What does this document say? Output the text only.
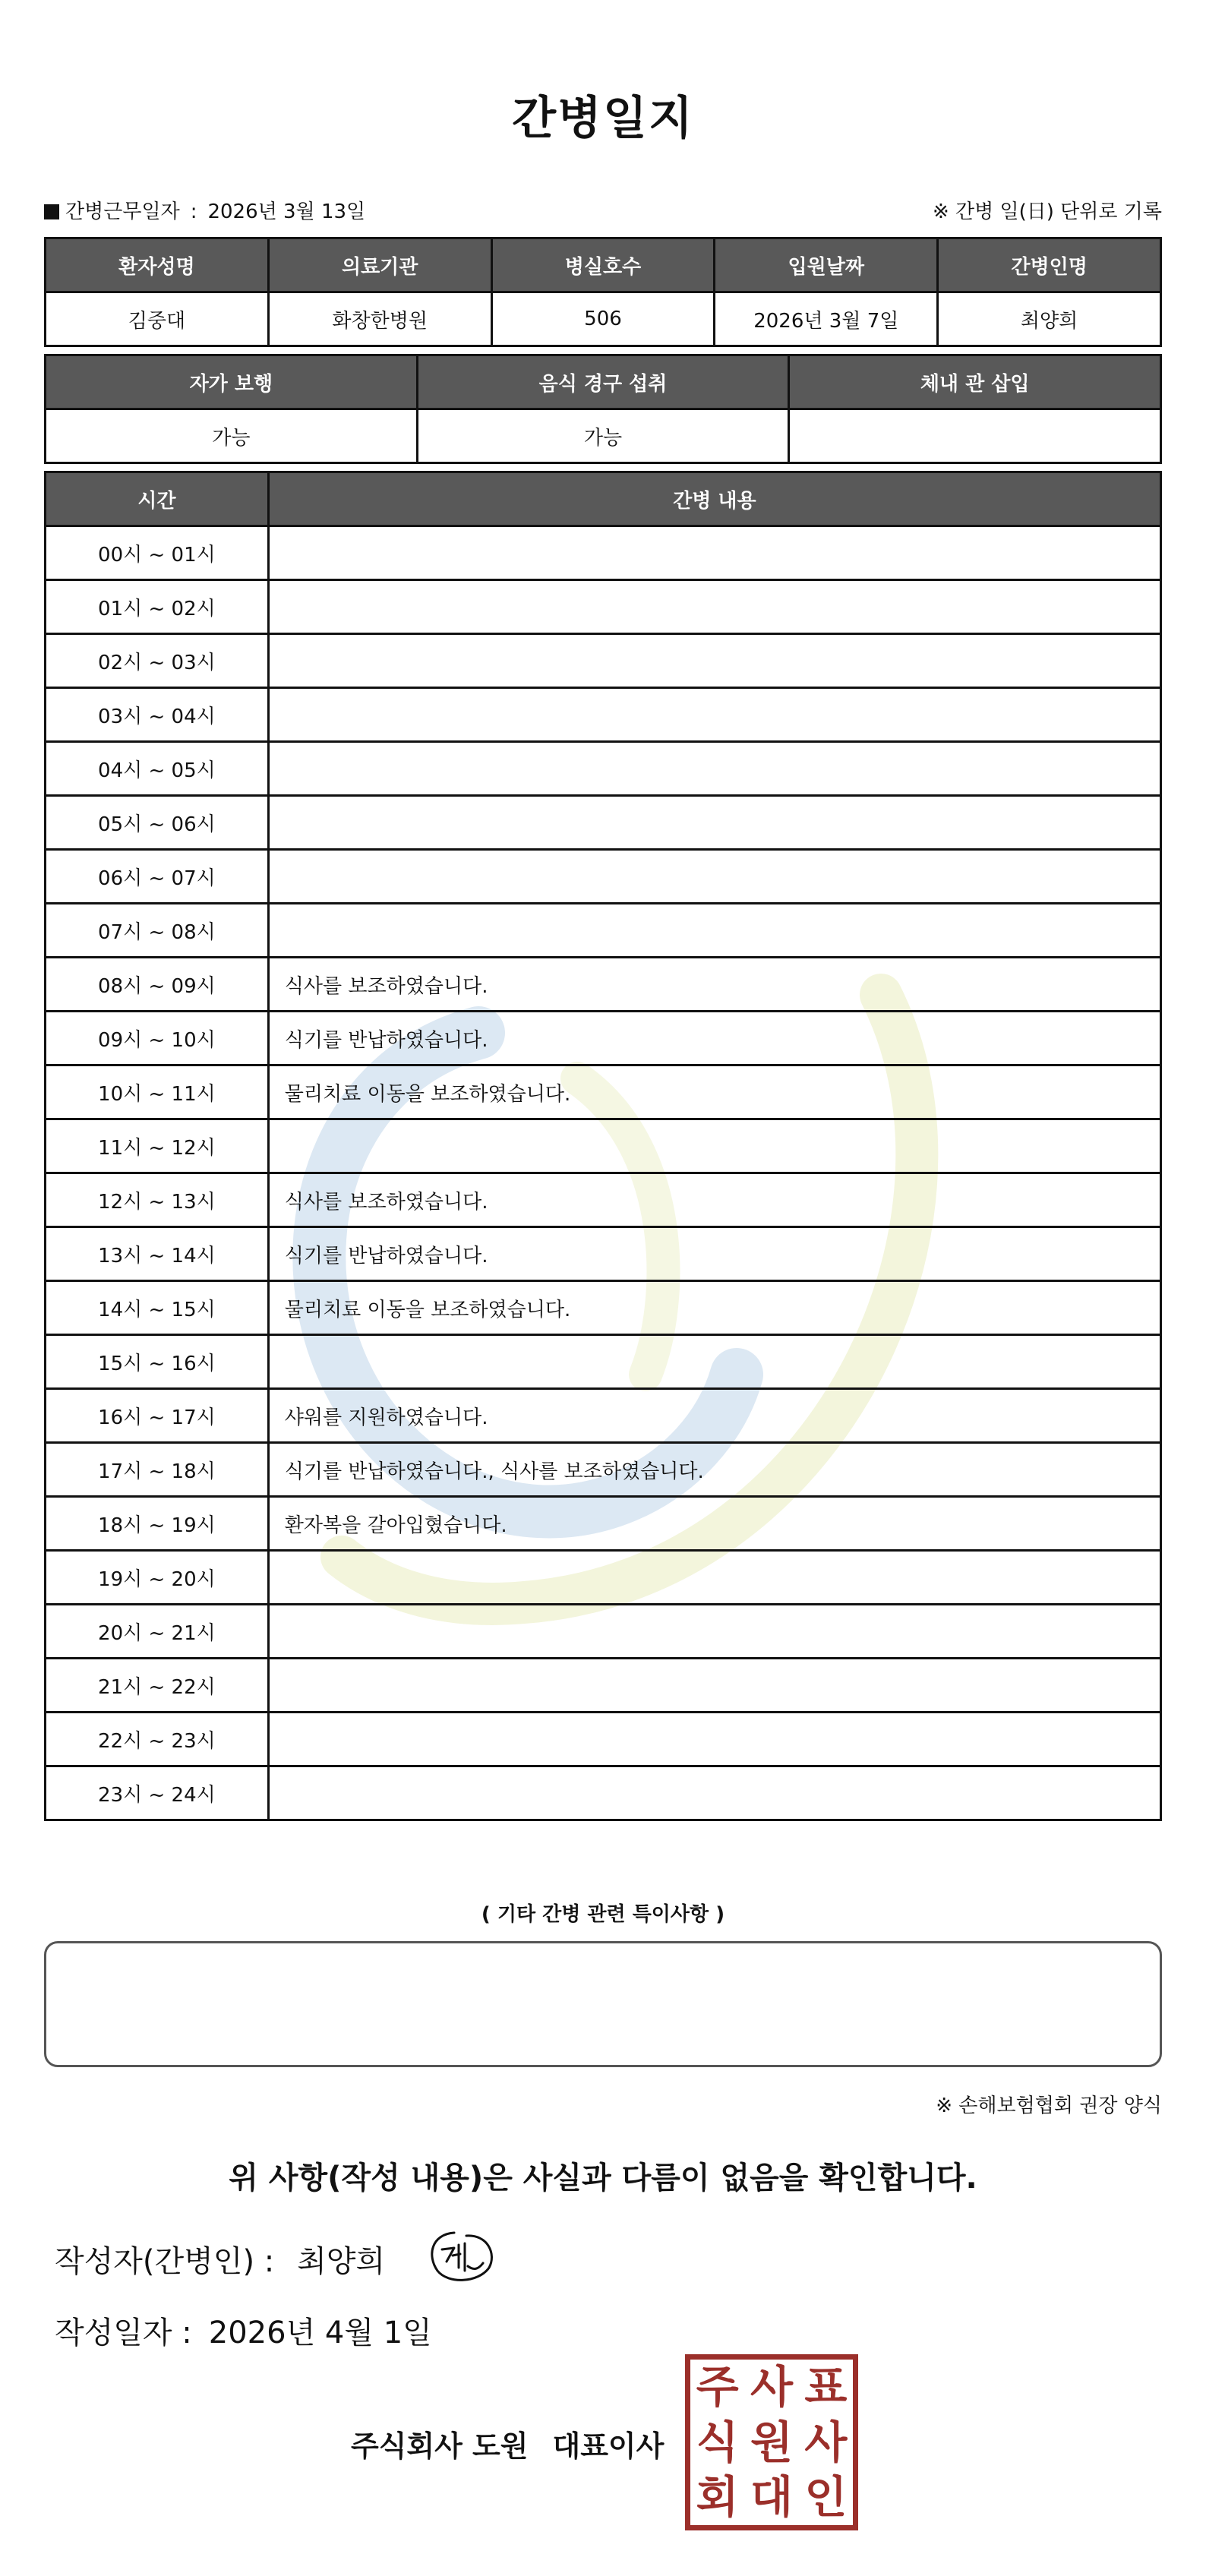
간병일지
간병근무일자 : 2026년 3월 13일	※ 간병 일(日) 단위로 기록
환자성명	의료기관	병실호수	입원날짜	간병인명
김중대	화창한병원	506	2026년 3월 7일	최양희
자가 보행	음식 경구 섭취	체내 관 삽입
가능	가능	
시간	간병 내용
00시 ~ 01시	
01시 ~ 02시	
02시 ~ 03시	
03시 ~ 04시	
04시 ~ 05시	
05시 ~ 06시	
06시 ~ 07시	
07시 ~ 08시	
08시 ~ 09시	식사를 보조하였습니다.
09시 ~ 10시	식기를 반납하였습니다.
10시 ~ 11시	물리치료 이동을 보조하였습니다.
11시 ~ 12시	
12시 ~ 13시	식사를 보조하였습니다.
13시 ~ 14시	식기를 반납하였습니다.
14시 ~ 15시	물리치료 이동을 보조하였습니다.
15시 ~ 16시	
16시 ~ 17시	샤워를 지원하였습니다.
17시 ~ 18시	식기를 반납하였습니다., 식사를 보조하였습니다.
18시 ~ 19시	환자복을 갈아입혔습니다.
19시 ~ 20시	
20시 ~ 21시	
21시 ~ 22시	
22시 ~ 23시	
23시 ~ 24시	
( 기타 간병 관련 특이사항 )
※ 손해보험협회 권장 양식
위 사항(작성 내용)은 사실과 다름이 없음을 확인합니다.
작성자(간병인) : 최양희
작성일자 : 2026년 4월 1일
주식회사 도원 대표이사
주 사 표
식 원 사
회 대 인
